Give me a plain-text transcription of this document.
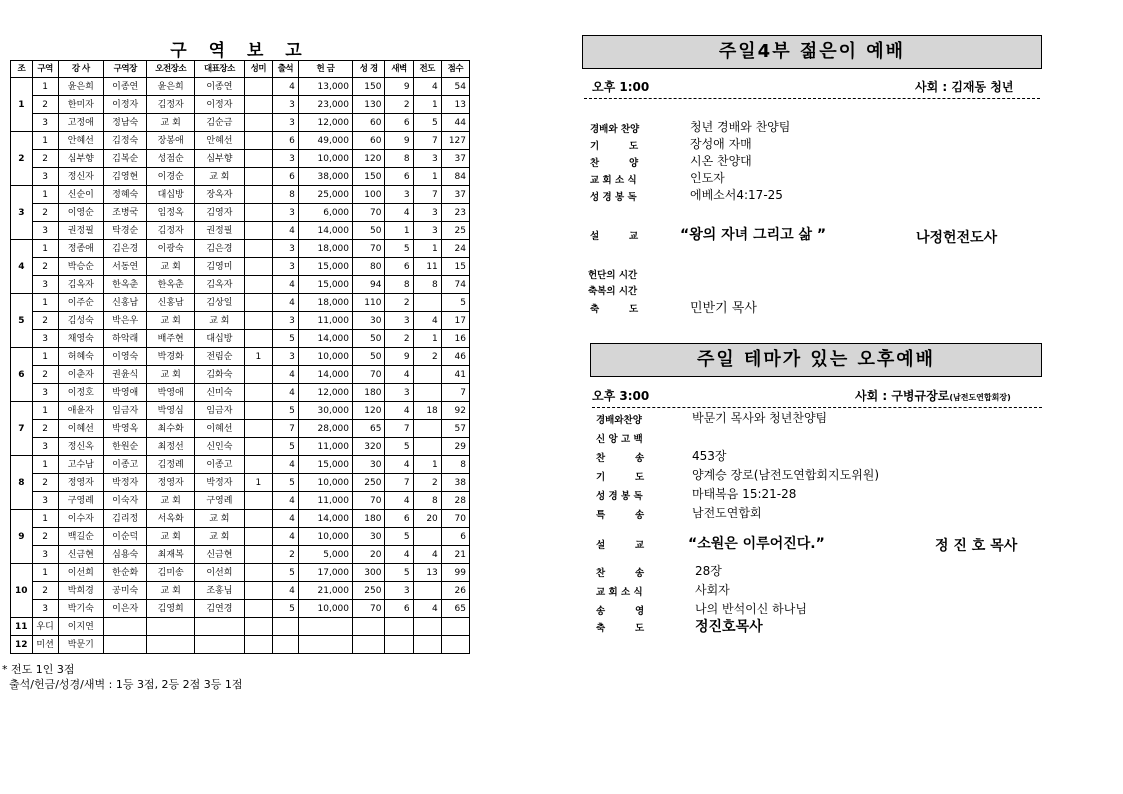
구 역 보 고
조	구역	강 사	구역장	오전장소	대표장소	성미	출석	헌 금	성 경	새벽	전도	점수
1	1	윤은희	이종연	윤은희	이종연		4	13,000	150	9	4	54
	2	한미자	이정자	김정자	이정자		3	23,000	130	2	1	13
	3	고정애	정남숙	교 회	김순금		3	12,000	60	6	5	44
2	1	안혜선	김정숙	장봉애	안혜선		6	49,000	60	9	7	127
	2	심부향	김복순	성점순	심부향		3	10,000	120	8	3	37
	3	정신자	김영현	이경순	교 회		6	38,000	150	6	1	84
3	1	신순이	정혜숙	대십방	장옥자		8	25,000	100	3	7	37
	2	이영순	조병국	임정옥	김영자		3	6,000	70	4	3	23
	3	권정필	탁경순	김정자	권정필		4	14,000	50	1	3	25
4	1	정종애	김은경	이광숙	김은경		3	18,000	70	5	1	24
	2	박승순	서동연	교 회	김영미		3	15,000	80	6	11	15
	3	김옥자	한옥춘	한옥춘	김옥자		4	15,000	94	8	8	74
5	1	이주순	신홍남	신홍남	김상일		4	18,000	110	2		5
	2	김성숙	박은우	교 회	교 회		3	11,000	30	3	4	17
	3	채영숙	하악래	배주현	대십방		5	14,000	50	2	1	16
6	1	허혜숙	이영숙	박경화	전림순	1	3	10,000	50	9	2	46
	2	이춘자	권윤식	교 회	김화숙		4	14,000	70	4		41
	3	이정호	박영애	박영애	신미숙		4	12,000	180	3		7
7	1	애윤자	임금자	박영심	임금자		5	30,000	120	4	18	92
	2	이혜선	박영옥	최수화	이혜선		7	28,000	65	7		57
	3	정신옥	한원순	최정선	신인숙		5	11,000	320	5		29
8	1	고수남	이종고	김정례	이종고		4	15,000	30	4	1	8
	2	정영자	박정자	정영자	박정자	1	5	10,000	250	7	2	38
	3	구영례	이숙자	교 회	구영례		4	11,000	70	4	8	28
9	1	이수자	김리정	서옥화	교 회		4	14,000	180	6	20	70
	2	백길순	이순덕	교 회	교 회		4	10,000	30	5		6
	3	신금현	심용숙	최재복	신금현		2	5,000	20	4	4	21
10	1	이선희	한순화	김미송	이선희		5	17,000	300	5	13	99
	2	박희경	공미숙	교 회	조홍님		4	21,000	250	3		26
	3	박기숙	이은자	김영희	김연경		5	10,000	70	6	4	65
11	우디	이지연										
12	미션	박문기										
* 전도 1인 3점
출석/헌금/성경/새벽 : 1등 3점, 2등 2점 3등 1점
주일4부 젊은이 예배
오후 1:00	사회 : 김재동 청년
경배와 찬양	청년 경배와 찬양팀
기         도	장성애 자매
찬         양	시온 찬양대
교 회 소 식	인도자
성 경 봉 독	에베소서4:17-25
설         교	“왕의 자녀 그리고 삶 ”	나정헌전도사
헌단의 시간
축복의 시간
축         도	민반기 목사
주일 테마가 있는 오후예배
오후 3:00	사회 : 구병규장로(남전도연합회장)
경배와찬양	박문기 목사와 청년찬양팀
신 앙 고 백
찬         송	453장
기         도	양계승 장로(남전도연합회지도위원)
성 경 봉 독	마태복음 15:21-28
특         송	남전도연합회
설         교	“소원은 이루어진다.”	정 진 호 목사
찬         송	28장
교 회 소 식	사회자
송         영	나의 반석이신 하나님
축         도	정진호목사
